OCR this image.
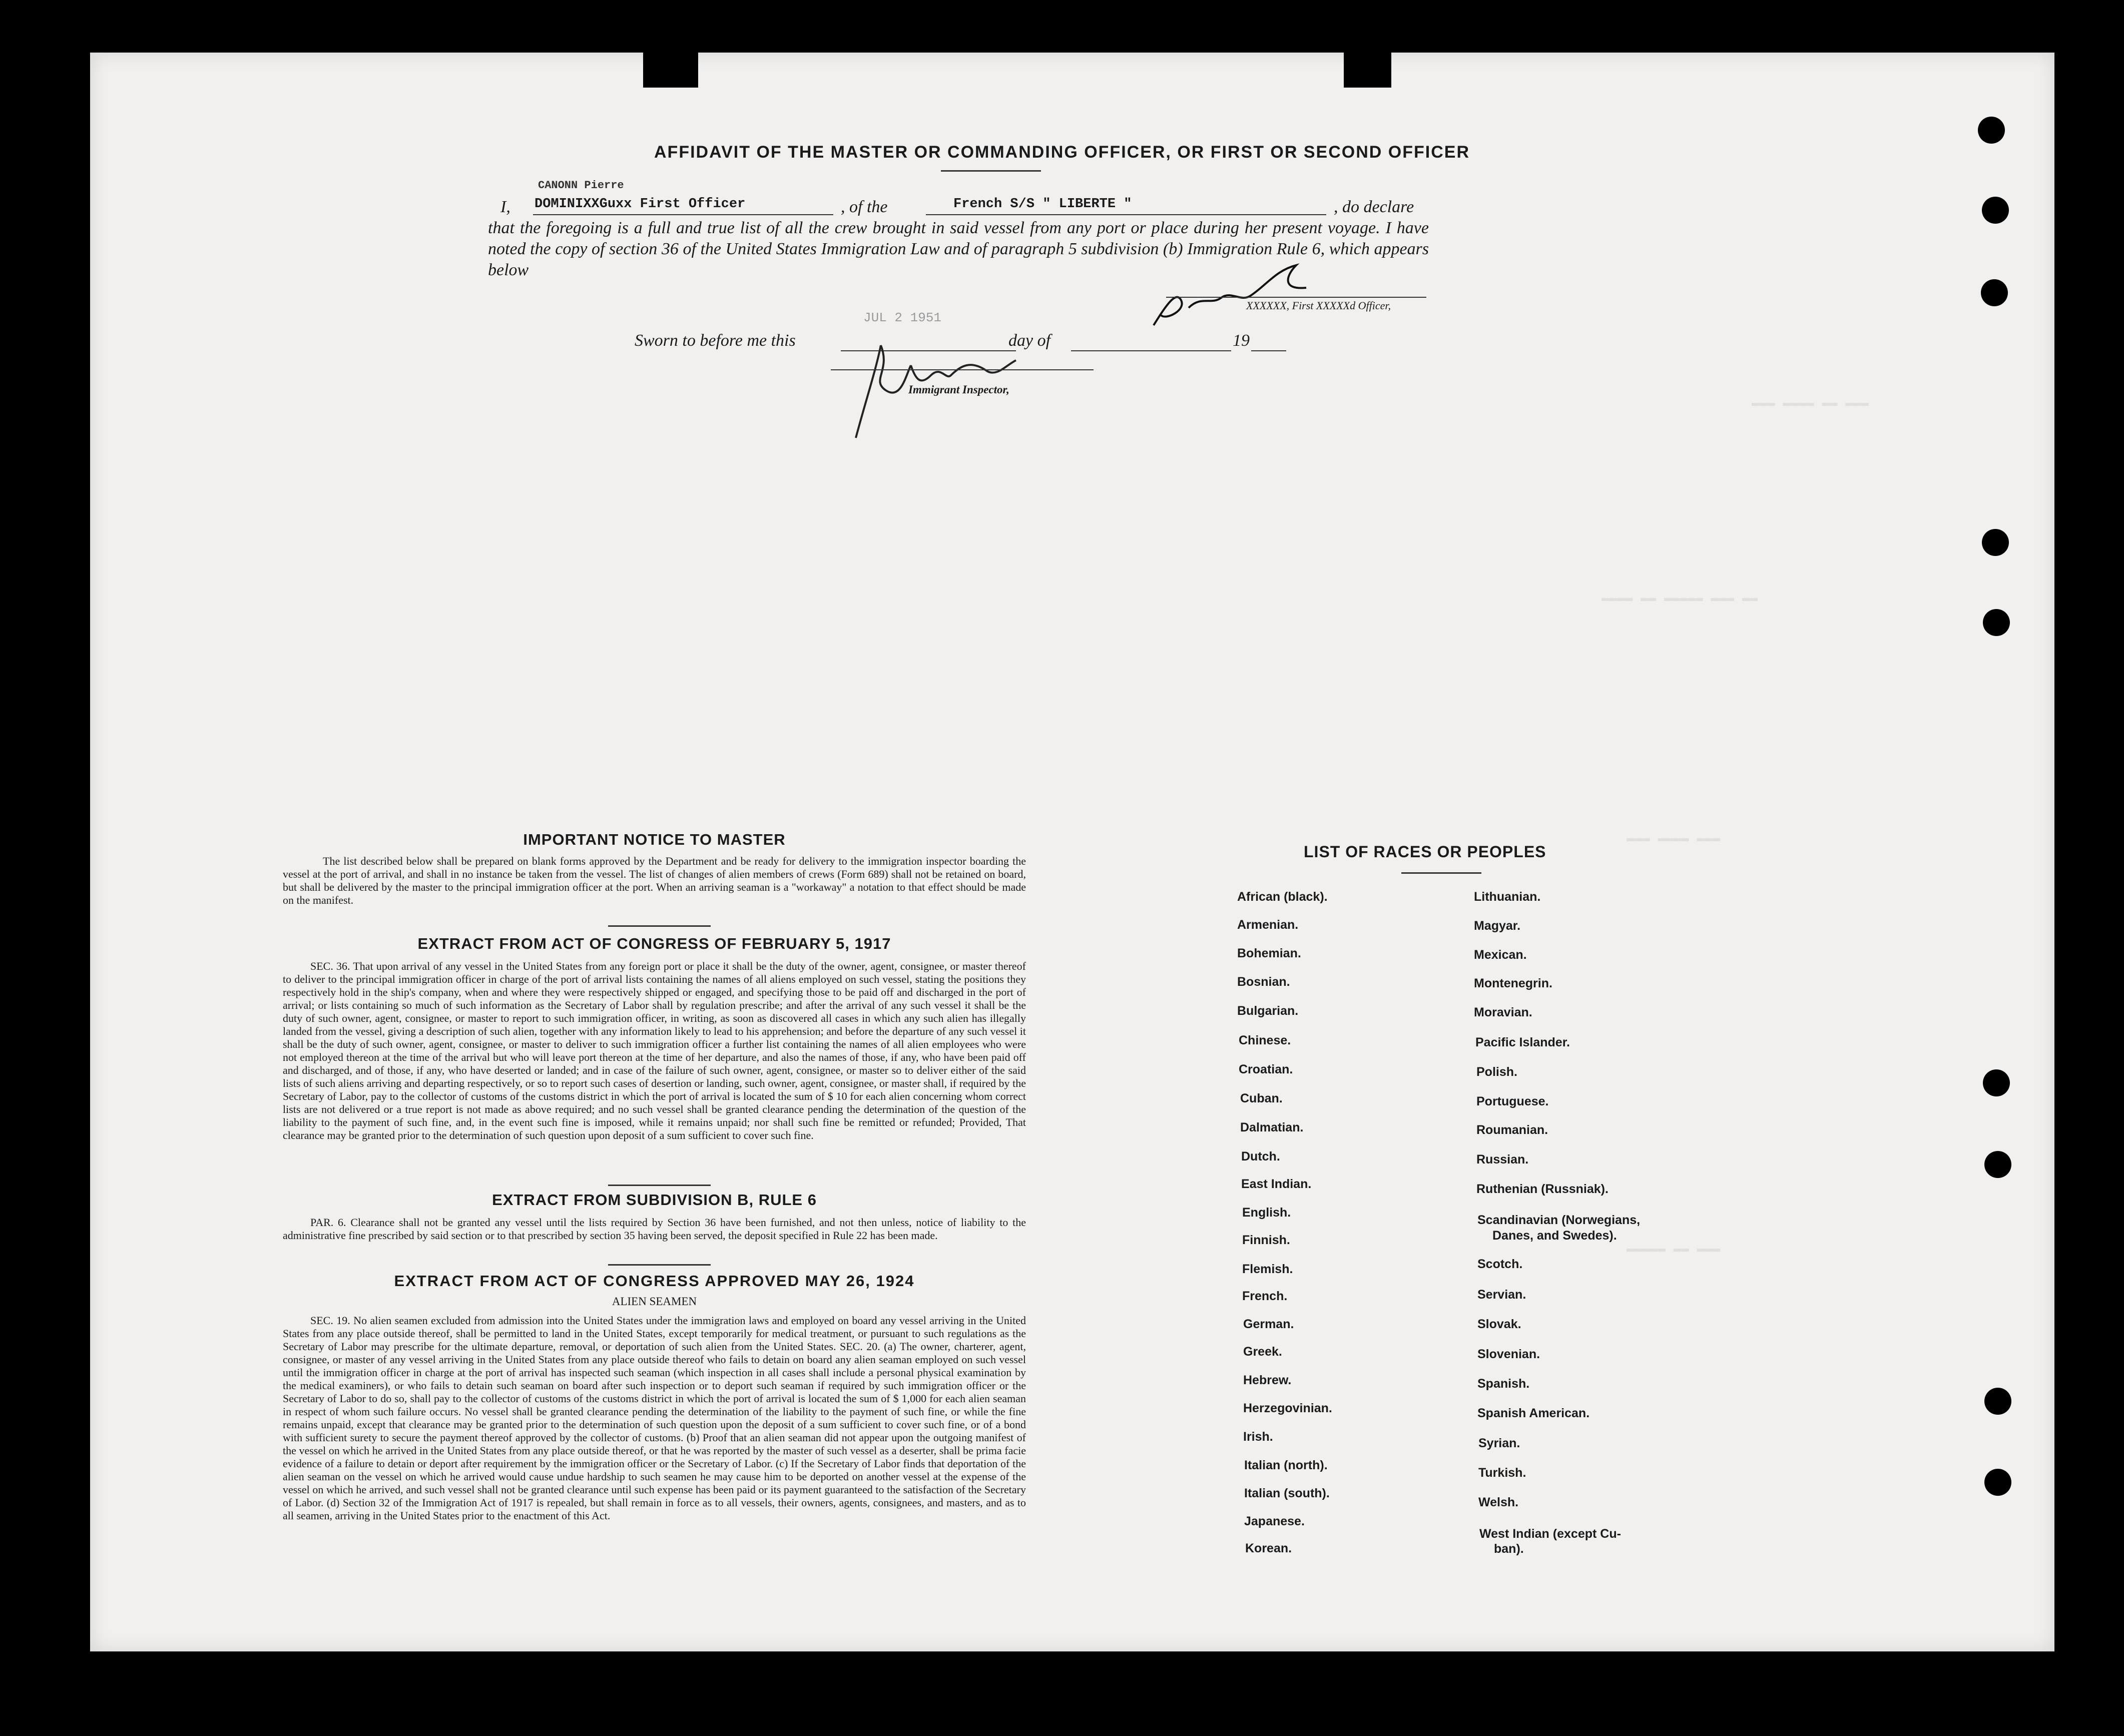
▬▬▬ ▬▬▬▬ ▬▬ ▬▬▬
▬▬▬▬ ▬▬ ▬▬▬▬▬ ▬▬▬ ▬▬
▬▬▬ ▬▬▬▬ ▬▬▬
▬▬▬▬▬ ▬▬ ▬▬▬
AFFIDAVIT OF THE MASTER OR COMMANDING OFFICER, OR FIRST OR SECOND OFFICER
I,
CANONN Pierre
DOMINIXXGuxx First Officer	, of the	French S/S " LIBERTE "	, do declare
that the foregoing is a full and true list of all the crew brought in said vessel from any port or place during her present voyage. I have noted the copy of section 36 of the United States Immigration Law and of paragraph 5 subdivision (b) Immigration Rule 6, which appears below
XXXXXX, First XXXXXd Officer,
Sworn to before me this
JUL 2 1951
day of	19
Immigrant Inspector,
IMPORTANT NOTICE TO MASTER
The list described below shall be prepared on blank forms approved by the Department and be ready for delivery to the immigration inspector boarding the vessel at the port of arrival, and shall in no instance be taken from the vessel. The list of changes of alien members of crews (Form 689) shall not be retained on board, but shall be delivered by the master to the principal immigration officer at the port. When an arriving seaman is a "workaway" a notation to that effect should be made on the manifest.
EXTRACT FROM ACT OF CONGRESS OF FEBRUARY 5, 1917
SEC. 36. That upon arrival of any vessel in the United States from any foreign port or place it shall be the duty of the owner, agent, consignee, or master thereof to deliver to the principal immigration officer in charge of the port of arrival lists containing the names of all aliens employed on such vessel, stating the positions they respectively hold in the ship's company, when and where they were respectively shipped or engaged, and specifying those to be paid off and discharged in the port of arrival; or lists containing so much of such information as the Secretary of Labor shall by regulation prescribe; and after the arrival of any such vessel it shall be the duty of such owner, agent, consignee, or master to report to such immigration officer, in writing, as soon as discovered all cases in which any such alien has illegally landed from the vessel, giving a description of such alien, together with any information likely to lead to his apprehension; and before the departure of any such vessel it shall be the duty of such owner, agent, consignee, or master to deliver to such immigration officer a further list containing the names of all alien employees who were not employed thereon at the time of the arrival but who will leave port thereon at the time of her departure, and also the names of those, if any, who have been paid off and discharged, and of those, if any, who have deserted or landed; and in case of the failure of such owner, agent, consignee, or master so to deliver either of the said lists of such aliens arriving and departing respectively, or so to report such cases of desertion or landing, such owner, agent, consignee, or master shall, if required by the Secretary of Labor, pay to the collector of customs of the customs district in which the port of arrival is located the sum of $ 10 for each alien concerning whom correct lists are not delivered or a true report is not made as above required; and no such vessel shall be granted clearance pending the determination of the question of the liability to the payment of such fine, and, in the event such fine is imposed, while it remains unpaid; nor shall such fine be remitted or refunded; Provided, That clearance may be granted prior to the determination of such question upon deposit of a sum sufficient to cover such fine.
EXTRACT FROM SUBDIVISION B, RULE 6
PAR. 6. Clearance shall not be granted any vessel until the lists required by Section 36 have been furnished, and not then unless, notice of liability to the administrative fine prescribed by said section or to that prescribed by section 35 having been served, the deposit specified in Rule 22 has been made.
EXTRACT FROM ACT OF CONGRESS APPROVED MAY 26, 1924
ALIEN SEAMEN
SEC. 19. No alien seamen excluded from admission into the United States under the immigration laws and employed on board any vessel arriving in the United States from any place outside thereof, shall be permitted to land in the United States, except temporarily for medical treatment, or pursuant to such regulations as the Secretary of Labor may prescribe for the ultimate departure, removal, or deportation of such alien from the United States. SEC. 20. (a) The owner, charterer, agent, consignee, or master of any vessel arriving in the United States from any place outside thereof who fails to detain on board any alien seaman employed on such vessel until the immigration officer in charge at the port of arrival has inspected such seaman (which inspection in all cases shall include a personal physical examination by the medical examiners), or who fails to detain such seaman on board after such inspection or to deport such seaman if required by such immigration officer or the Secretary of Labor to do so, shall pay to the collector of customs of the customs district in which the port of arrival is located the sum of $ 1,000 for each alien seaman in respect of whom such failure occurs. No vessel shall be granted clearance pending the determination of the liability to the payment of such fine, or while the fine remains unpaid, except that clearance may be granted prior to the determination of such question upon the deposit of a sum sufficient to cover such fine, or of a bond with sufficient surety to secure the payment thereof approved by the collector of customs. (b) Proof that an alien seaman did not appear upon the outgoing manifest of the vessel on which he arrived in the United States from any place outside thereof, or that he was reported by the master of such vessel as a deserter, shall be prima facie evidence of a failure to detain or deport after requirement by the immigration officer or the Secretary of Labor. (c) If the Secretary of Labor finds that deportation of the alien seaman on the vessel on which he arrived would cause undue hardship to such seamen he may cause him to be deported on another vessel at the expense of the vessel on which he arrived, and such vessel shall not be granted clearance until such expense has been paid or its payment guaranteed to the satisfaction of the Secretary of Labor. (d) Section 32 of the Immigration Act of 1917 is repealed, but shall remain in force as to all vessels, their owners, agents, consignees, and masters, and as to all seamen, arriving in the United States prior to the enactment of this Act.
LIST OF RACES OR PEOPLES
African (black).
Armenian.
Bohemian.
Bosnian.
Bulgarian.
Chinese.
Croatian.
Cuban.
Dalmatian.
Dutch.
East Indian.
English.
Finnish.
Flemish.
French.
German.
Greek.
Hebrew.
Herzegovinian.
Irish.
Italian (north).
Italian (south).
Japanese.
Korean.
Lithuanian.
Magyar.
Mexican.
Montenegrin.
Moravian.
Pacific Islander.
Polish.
Portuguese.
Roumanian.
Russian.
Ruthenian (Russniak).
Scandinavian (Norwegians,
Danes, and Swedes).
Scotch.
Servian.
Slovak.
Slovenian.
Spanish.
Spanish American.
Syrian.
Turkish.
Welsh.
West Indian (except Cu-
ban).
